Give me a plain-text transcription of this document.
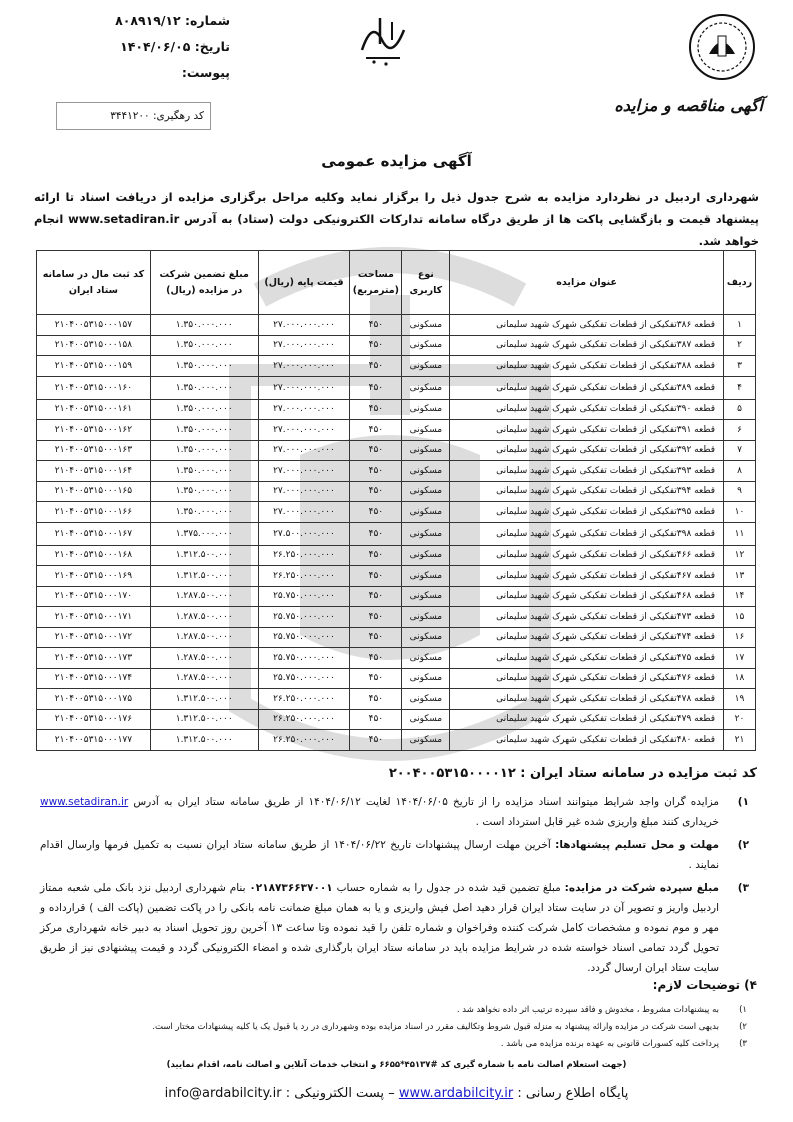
شماره: ۸۰۸۹۱۹/۱۲
تاریخ: ۱۴۰۴/۰۶/۰۵
پیوست:
کد رهگیری: ۳۴۴۱۲۰۰
آگهی مناقصه و مزایده
آگهی مزایده عمومی
شهرداری اردبیل در نظردارد مزایده به شرح جدول ذیل را برگزار نماید وکلیه مراحل برگزاری مزایده از دریافت اسناد تا ارائه پیشنهاد قیمت و بازگشایی پاکت ها از طریق درگاه سامانه تدارکات الکترونیکی دولت (ستاد) به آدرس www.setadiran.ir انجام خواهد شد.
ردیف	عنوان مزایده	نوع کاربری	مساحت (مترمربع)	قیمت پایه (ریال)	مبلغ تضمین شرکت در مزایده (ریال)	کد ثبت مال در سامانه ستاد ایران
۱	قطعه ۳۸۶تفکیکی از قطعات تفکیکی شهرک شهید سلیمانی	مسکونی	۴۵۰	۲۷.۰۰۰.۰۰۰.۰۰۰	۱.۳۵۰.۰۰۰.۰۰۰	۲۱۰۴۰۰۵۳۱۵۰۰۰۱۵۷
۲	قطعه ۳۸۷تفکیکی از قطعات تفکیکی شهرک شهید سلیمانی	مسکونی	۴۵۰	۲۷.۰۰۰.۰۰۰.۰۰۰	۱.۳۵۰.۰۰۰.۰۰۰	۲۱۰۴۰۰۵۳۱۵۰۰۰۱۵۸
۳	قطعه ۳۸۸تفکیکی از قطعات تفکیکی شهرک شهید سلیمانی	مسکونی	۴۵۰	۲۷.۰۰۰.۰۰۰.۰۰۰	۱.۳۵۰.۰۰۰.۰۰۰	۲۱۰۴۰۰۵۳۱۵۰۰۰۱۵۹
۴	قطعه ۳۸۹تفکیکی از قطعات تفکیکی شهرک شهید سلیمانی	مسکونی	۴۵۰	۲۷.۰۰۰.۰۰۰.۰۰۰	۱.۳۵۰.۰۰۰.۰۰۰	۲۱۰۴۰۰۵۳۱۵۰۰۰۱۶۰
۵	قطعه ۳۹۰تفکیکی از قطعات تفکیکی شهرک شهید سلیمانی	مسکونی	۴۵۰	۲۷.۰۰۰.۰۰۰.۰۰۰	۱.۳۵۰.۰۰۰.۰۰۰	۲۱۰۴۰۰۵۳۱۵۰۰۰۱۶۱
۶	قطعه ۳۹۱تفکیکی از قطعات تفکیکی شهرک شهید سلیمانی	مسکونی	۴۵۰	۲۷.۰۰۰.۰۰۰.۰۰۰	۱.۳۵۰.۰۰۰.۰۰۰	۲۱۰۴۰۰۵۳۱۵۰۰۰۱۶۲
۷	قطعه ۳۹۲تفکیکی از قطعات تفکیکی شهرک شهید سلیمانی	مسکونی	۴۵۰	۲۷.۰۰۰.۰۰۰.۰۰۰	۱.۳۵۰.۰۰۰.۰۰۰	۲۱۰۴۰۰۵۳۱۵۰۰۰۱۶۳
۸	قطعه ۳۹۳تفکیکی از قطعات تفکیکی شهرک شهید سلیمانی	مسکونی	۴۵۰	۲۷.۰۰۰.۰۰۰.۰۰۰	۱.۳۵۰.۰۰۰.۰۰۰	۲۱۰۴۰۰۵۳۱۵۰۰۰۱۶۴
۹	قطعه ۳۹۴تفکیکی از قطعات تفکیکی شهرک شهید سلیمانی	مسکونی	۴۵۰	۲۷.۰۰۰.۰۰۰.۰۰۰	۱.۳۵۰.۰۰۰.۰۰۰	۲۱۰۴۰۰۵۳۱۵۰۰۰۱۶۵
۱۰	قطعه ۳۹۵تفکیکی از قطعات تفکیکی شهرک شهید سلیمانی	مسکونی	۴۵۰	۲۷.۰۰۰.۰۰۰.۰۰۰	۱.۳۵۰.۰۰۰.۰۰۰	۲۱۰۴۰۰۵۳۱۵۰۰۰۱۶۶
۱۱	قطعه ۳۹۸تفکیکی از قطعات تفکیکی شهرک شهید سلیمانی	مسکونی	۴۵۰	۲۷.۵۰۰.۰۰۰.۰۰۰	۱.۳۷۵.۰۰۰.۰۰۰	۲۱۰۴۰۰۵۳۱۵۰۰۰۱۶۷
۱۲	قطعه ۴۶۶تفکیکی از قطعات تفکیکی شهرک شهید سلیمانی	مسکونی	۴۵۰	۲۶.۲۵۰.۰۰۰.۰۰۰	۱.۳۱۲.۵۰۰.۰۰۰	۲۱۰۴۰۰۵۳۱۵۰۰۰۱۶۸
۱۳	قطعه ۴۶۷تفکیکی از قطعات تفکیکی شهرک شهید سلیمانی	مسکونی	۴۵۰	۲۶.۲۵۰.۰۰۰.۰۰۰	۱.۳۱۲.۵۰۰.۰۰۰	۲۱۰۴۰۰۵۳۱۵۰۰۰۱۶۹
۱۴	قطعه ۴۶۸تفکیکی از قطعات تفکیکی شهرک شهید سلیمانی	مسکونی	۴۵۰	۲۵.۷۵۰.۰۰۰.۰۰۰	۱.۲۸۷.۵۰۰.۰۰۰	۲۱۰۴۰۰۵۳۱۵۰۰۰۱۷۰
۱۵	قطعه ۴۷۳تفکیکی از قطعات تفکیکی شهرک شهید سلیمانی	مسکونی	۴۵۰	۲۵.۷۵۰.۰۰۰.۰۰۰	۱.۲۸۷.۵۰۰.۰۰۰	۲۱۰۴۰۰۵۳۱۵۰۰۰۱۷۱
۱۶	قطعه ۴۷۴تفکیکی از قطعات تفکیکی شهرک شهید سلیمانی	مسکونی	۴۵۰	۲۵.۷۵۰.۰۰۰.۰۰۰	۱.۲۸۷.۵۰۰.۰۰۰	۲۱۰۴۰۰۵۳۱۵۰۰۰۱۷۲
۱۷	قطعه ۴۷۵تفکیکی از قطعات تفکیکی شهرک شهید سلیمانی	مسکونی	۴۵۰	۲۵.۷۵۰.۰۰۰.۰۰۰	۱.۲۸۷.۵۰۰.۰۰۰	۲۱۰۴۰۰۵۳۱۵۰۰۰۱۷۳
۱۸	قطعه ۴۷۶تفکیکی از قطعات تفکیکی شهرک شهید سلیمانی	مسکونی	۴۵۰	۲۵.۷۵۰.۰۰۰.۰۰۰	۱.۲۸۷.۵۰۰.۰۰۰	۲۱۰۴۰۰۵۳۱۵۰۰۰۱۷۴
۱۹	قطعه ۴۷۸تفکیکی از قطعات تفکیکی شهرک شهید سلیمانی	مسکونی	۴۵۰	۲۶.۲۵۰.۰۰۰.۰۰۰	۱.۳۱۲.۵۰۰.۰۰۰	۲۱۰۴۰۰۵۳۱۵۰۰۰۱۷۵
۲۰	قطعه ۴۷۹تفکیکی از قطعات تفکیکی شهرک شهید سلیمانی	مسکونی	۴۵۰	۲۶.۲۵۰.۰۰۰.۰۰۰	۱.۳۱۲.۵۰۰.۰۰۰	۲۱۰۴۰۰۵۳۱۵۰۰۰۱۷۶
۲۱	قطعه ۴۸۰تفکیکی از قطعات تفکیکی شهرک شهید سلیمانی	مسکونی	۴۵۰	۲۶.۲۵۰.۰۰۰.۰۰۰	۱.۳۱۲.۵۰۰.۰۰۰	۲۱۰۴۰۰۵۳۱۵۰۰۰۱۷۷
کد ثبت مزایده در سامانه ستاد ایران : ۲۰۰۴۰۰۵۳۱۵۰۰۰۰۱۲
۱)
مزایده گران واجد شرایط میتوانند اسناد مزایده را از تاریخ ۱۴۰۴/۰۶/۰۵ لغایت ۱۴۰۴/۰۶/۱۲ از طریق سامانه ستاد ایران به آدرس www.setadiran.ir خریداری کنند مبلغ واریزی شده غیر قابل استرداد است .
۲)
مهلت و محل تسلیم پیشنهادها: آخرین مهلت ارسال پیشنهادات تاریخ ۱۴۰۴/۰۶/۲۲ از طریق سامانه ستاد ایران نسبت به تکمیل فرمها وارسال اقدام نمایند .
۳)
مبلغ سپرده شرکت در مزایده: مبلغ تضمین قید شده در جدول را به شماره حساب ۰۲۱۸۷۳۶۶۳۷۰۰۱ بنام شهرداری اردبیل نزد بانک ملی شعبه ممتاز اردبیل واریز و تصویر آن در سایت ستاد ایران قرار دهید اصل فیش واریزی و یا به همان مبلغ ضمانت نامه بانکی را در پاکت تضمین (پاکت الف ) قرارداده و مهر و موم نموده و مشخصات کامل شرکت کننده وفراخوان و شماره تلفن را قید نموده وتا ساعت ۱۳ آخرین روز تحویل اسناد به دبیر خانه شهرداری مرکز تحویل گردد تمامی اسناد خواسته شده در شرایط مزایده باید در سامانه ستاد ایران بارگذاری شده و امضاء الکترونیکی گردد و قیمت پیشنهادی نیز از طریق سایت ستاد ایران ارسال گردد.
۴) توضیحات لازم:
۱)
به پیشنهادات مشروط ، مخدوش و فاقد سپرده ترتیب اثر داده نخواهد شد .
۲)
بدیهی است شرکت در مزایده وارائه پیشنهاد به منزله قبول شروط وتکالیف مقرر در اسناد مزایده بوده وشهرداری در رد یا قبول یک یا کلیه پیشنهادات مختار است.
۳)
پرداخت کلیه کسورات قانونی به عهده برنده مزایده می باشد .
(جهت استعلام اصالت نامه با شماره گیری کد #۴۵۱۳۷*۶۶۵۵ و انتخاب خدمات آنلاین و اصالت نامه، اقدام نمایید)
پایگاه اطلاع رسانی : www.ardabilcity.ir – پست الکترونیکی : info@ardabilcity.ir
